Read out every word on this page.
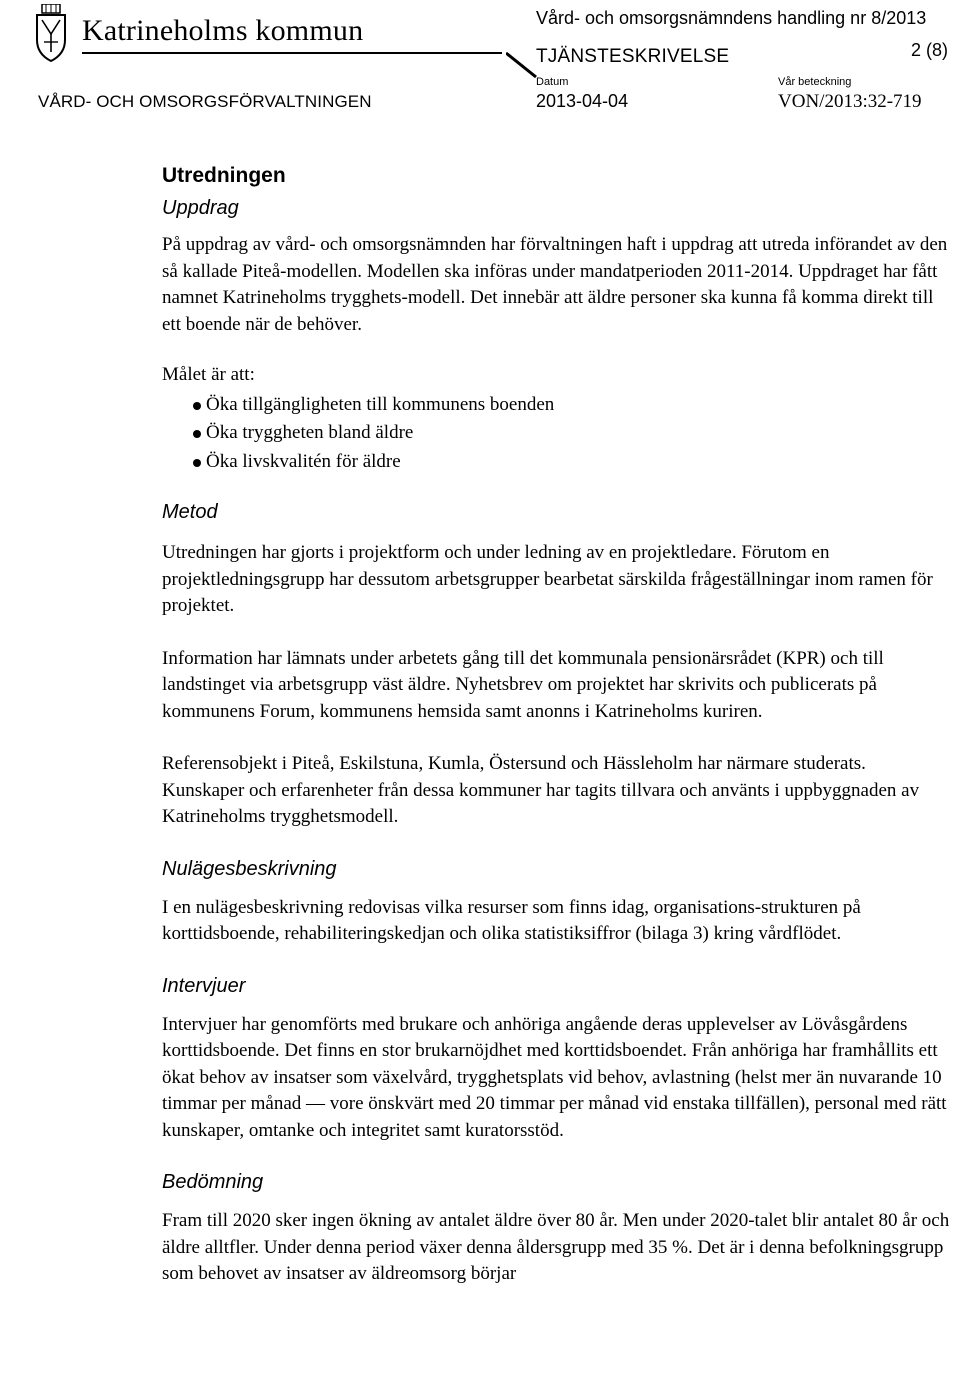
Katrineholms kommun	Vård- och omsorgsnämndens handling nr 8/2013
TJÄNSTESKRIVELSE	2 (8)
VÅRD- OCH OMSORGSFÖRVALTNINGEN
Datum
2013-04-04
Vår beteckning
VON/2013:32-719
Utredningen
Uppdrag

På uppdrag av vård- och omsorgsnämnden har förvaltningen haft i uppdrag att utreda införandet av den så kallade Piteå-modellen. Modellen ska införas under mandatperioden 2011-2014. Uppdraget har fått namnet Katrineholms trygghets-modell. Det innebär att äldre personer ska kunna få komma direkt till ett boende när de behöver.

Målet är att:

Öka tillgängligheten till kommunens boenden
Öka tryggheten bland äldre
Öka livskvalitén för äldre
Metod

Utredningen har gjorts i projektform och under ledning av en projektledare. Förutom en projektledningsgrupp har dessutom arbetsgrupper bearbetat särskilda frågeställningar inom ramen för projektet.

Information har lämnats under arbetets gång till det kommunala pensionärsrådet (KPR) och till landstinget via arbetsgrupp väst äldre. Nyhetsbrev om projektet har skrivits och publicerats på kommunens Forum, kommunens hemsida samt anonns i Katrineholms kuriren.

Referensobjekt i Piteå, Eskilstuna, Kumla, Östersund och Hässleholm har närmare studerats. Kunskaper och erfarenheter från dessa kommuner har tagits tillvara och använts i uppbyggnaden av Katrineholms trygghetsmodell.

Nulägesbeskrivning

I en nulägesbeskrivning redovisas vilka resurser som finns idag, organisations-strukturen på korttidsboende, rehabiliteringskedjan och olika statistiksiffror (bilaga 3) kring vårdflödet.

Intervjuer

Intervjuer har genomförts med brukare och anhöriga angående deras upplevelser av Lövåsgårdens korttidsboende. Det finns en stor brukarnöjdhet med korttidsboendet. Från anhöriga har framhållits ett ökat behov av insatser som växelvård, trygghetsplats vid behov, avlastning (helst mer än nuvarande 10 timmar per månad — vore önskvärt med 20 timmar per månad vid enstaka tillfällen), personal med rätt kunskaper, omtanke och integritet samt kuratorsstöd.

Bedömning

Fram till 2020 sker ingen ökning av antalet äldre över 80 år. Men under 2020-talet blir antalet 80 år och äldre alltfler. Under denna period växer denna åldersgrupp med 35 %. Det är i denna befolkningsgrupp som behovet av insatser av äldreomsorg börjar
